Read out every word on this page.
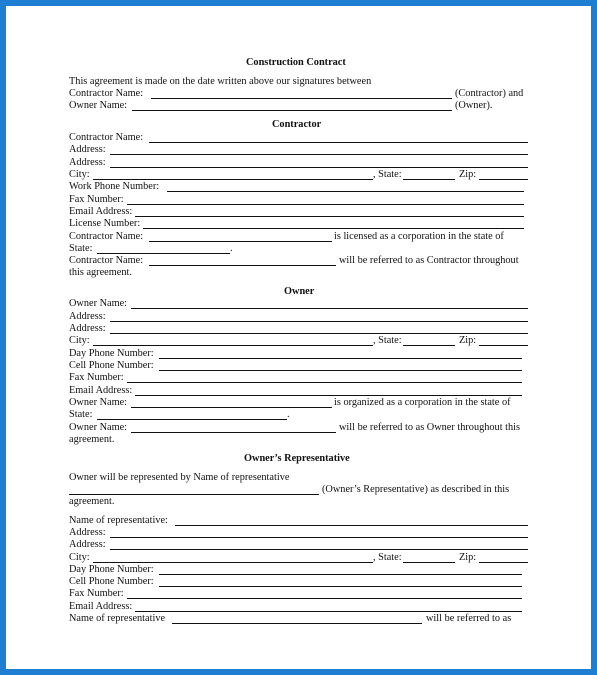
Construction Contract
This agreement is made on the date written above our signatures between
Contractor Name:	(Contractor) and
Owner Name:	(Owner).
Contractor
Contractor Name:
Address:
Address:
City:	, State:	Zip:
Work Phone Number:
Fax Number:
Email Address:
License Number:
Contractor Name:	is licensed as a corporation in the state of
State:	.
Contractor Name:	will be referred to as Contractor throughout
this agreement.
Owner
Owner Name:
Address:
Address:
City:	, State:	Zip:
Day Phone Number:
Cell Phone Number:
Fax Number:
Email Address:
Owner Name:	is organized as a corporation in the state of
State:	.
Owner Name:	will be referred to as Owner throughout this
agreement.
Owner’s Representative
Owner will be represented by Name of representative
(Owner’s Representative) as described in this
agreement.
Name of representative:
Address:
Address:
City:	, State:	Zip:
Day Phone Number:
Cell Phone Number:
Fax Number:
Email Address:
Name of representative	will be referred to as
